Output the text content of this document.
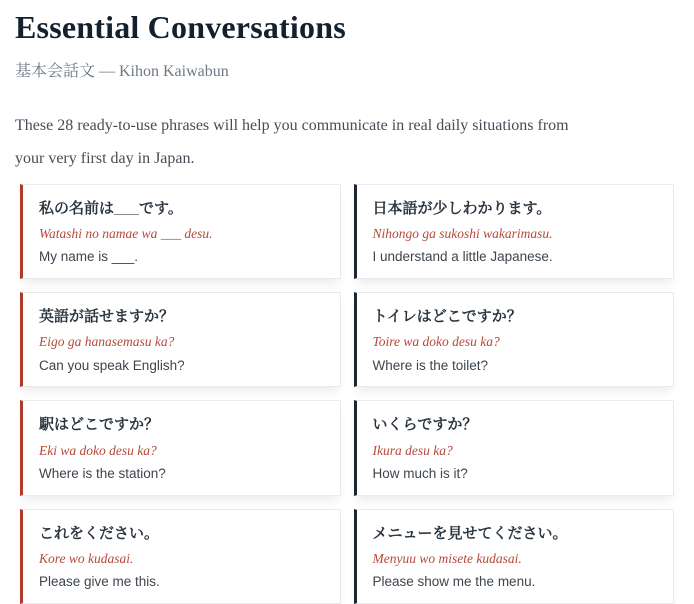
Essential Conversations

基本会話文 — Kihon Kaiwabun

These 28 ready-to-use phrases will help you communicate in real daily situations from your very first day in Japan.

私の名前は___です。
Watashi no namae wa ___ desu.
My name is ___.
日本語が少しわかります。
Nihongo ga sukoshi wakarimasu.
I understand a little Japanese.
英語が話せますか？
Eigo ga hanasemasu ka?
Can you speak English?
トイレはどこですか？
Toire wa doko desu ka?
Where is the toilet?
駅はどこですか？
Eki wa doko desu ka?
Where is the station?
いくらですか？
Ikura desu ka?
How much is it?
これをください。
Kore wo kudasai.
Please give me this.
メニューを見せてください。
Menyuu wo misete kudasai.
Please show me the menu.
